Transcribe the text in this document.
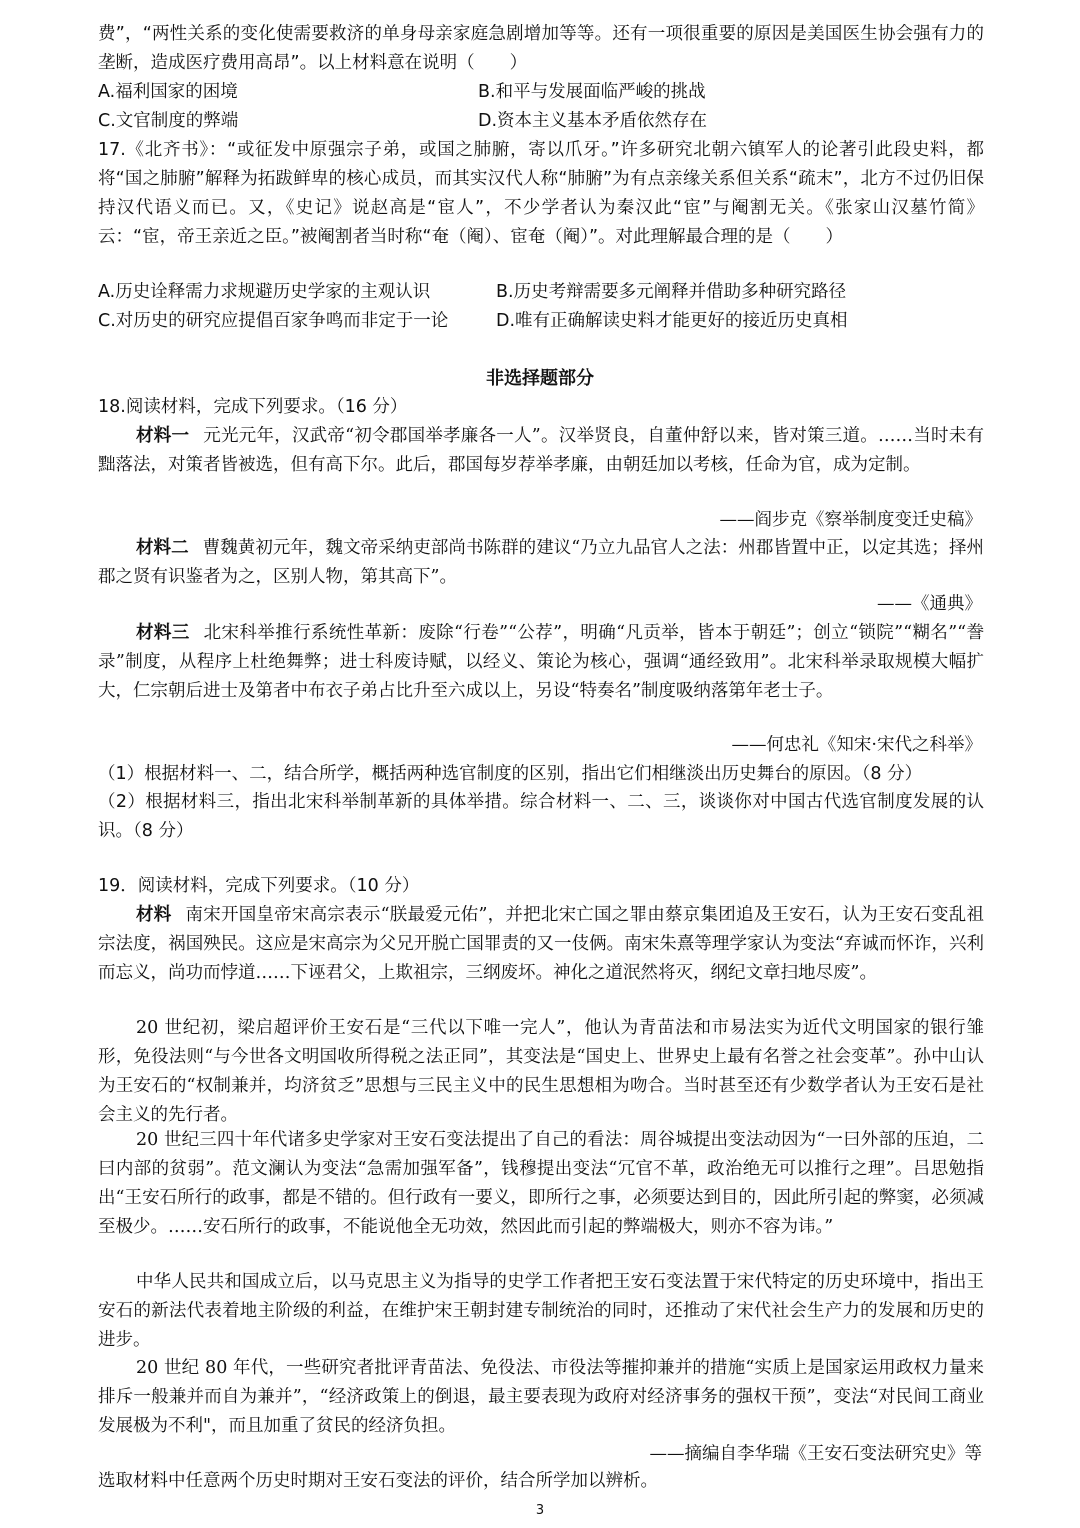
费”，“两性关系的变化使需要救济的单身母亲家庭急剧增加等等。还有一项很重要的原因是美国医生协会强有力的垄断，造成医疗费用高昂”。以上材料意在说明（　　）

A.福利国家的困境	B.和平与发展面临严峻的挑战
C.文官制度的弊端	D.资本主义基本矛盾依然存在

17.《北齐书》：“或征发中原强宗子弟，或国之肺腑，寄以爪牙。”许多研究北朝六镇军人的论著引此段史料，都将“国之肺腑”解释为拓跋鲜卑的核心成员，而其实汉代人称“肺腑”为有点亲缘关系但关系“疏末”，北方不过仍旧保持汉代语义而已。又，《史记》说赵高是“宦人”，不少学者认为秦汉此“宦”与阉割无关。《张家山汉墓竹简》云：“宦，帝王亲近之臣。”被阉割者当时称“奄（阉）、宦奄（阉）”。对此理解最合理的是（　　）

A.历史诠释需力求规避历史学家的主观认识	B.历史考辩需要多元阐释并借助多种研究路径
C.对历史的研究应提倡百家争鸣而非定于一论	D.唯有正确解读史料才能更好的接近历史真相
非选择题部分
18.阅读材料，完成下列要求。（16 分）
材料一 元光元年，汉武帝“初令郡国举孝廉各一人”。汉举贤良，自董仲舒以来，皆对策三道。……当时未有黜落法，对策者皆被选，但有高下尔。此后，郡国每岁荐举孝廉，由朝廷加以考核，任命为官，成为定制。
——阎步克《察举制度变迁史稿》
材料二 曹魏黄初元年，魏文帝采纳吏部尚书陈群的建议“乃立九品官人之法：州郡皆置中正，以定其选；择州郡之贤有识鉴者为之，区别人物，第其高下”。
——《通典》
材料三 北宋科举推行系统性革新：废除“行卷”“公荐”，明确“凡贡举，皆本于朝廷”；创立“锁院”“糊名”“誊录”制度，从程序上杜绝舞弊；进士科废诗赋，以经义、策论为核心，强调“通经致用”。北宋科举录取规模大幅扩大，仁宗朝后进士及第者中布衣子弟占比升至六成以上，另设“特奏名”制度吸纳落第年老士子。
——何忠礼《知宋·宋代之科举》
（1）根据材料一、二，结合所学，概括两种选官制度的区别，指出它们相继淡出历史舞台的原因。（8 分）
（2）根据材料三，指出北宋科举制革新的具体举措。综合材料一、二、三，谈谈你对中国古代选官制度发展的认识。（8 分）
19．阅读材料，完成下列要求。（10 分）
材料 南宋开国皇帝宋高宗表示“朕最爱元佑”，并把北宋亡国之罪由蔡京集团追及王安石，认为王安石变乱祖宗法度，祸国殃民。这应是宋高宗为父兄开脱亡国罪责的又一伎俩。南宋朱熹等理学家认为变法“弃诚而怀诈，兴利而忘义，尚功而悖道……下诬君父，上欺祖宗，三纲废坏。神化之道泯然将灭，纲纪文章扫地尽废”。
20 世纪初，梁启超评价王安石是“三代以下唯一完人”，他认为青苗法和市易法实为近代文明国家的银行雏形，免役法则“与今世各文明国收所得税之法正同”，其变法是“国史上、世界史上最有名誉之社会变革”。孙中山认为王安石的“权制兼并，均济贫乏”思想与三民主义中的民生思想相为吻合。当时甚至还有少数学者认为王安石是社会主义的先行者。
20 世纪三四十年代诸多史学家对王安石变法提出了自己的看法：周谷城提出变法动因为“一曰外部的压迫，二曰内部的贫弱”。范文澜认为变法“急需加强军备”，钱穆提出变法“冗官不革，政治绝无可以推行之理”。吕思勉指出“王安石所行的政事，都是不错的。但行政有一要义，即所行之事，必须要达到目的，因此所引起的弊窦，必须减至极少。……安石所行的政事，不能说他全无功效，然因此而引起的弊端极大，则亦不容为讳。”
中华人民共和国成立后，以马克思主义为指导的史学工作者把王安石变法置于宋代特定的历史环境中，指出王安石的新法代表着地主阶级的利益，在维护宋王朝封建专制统治的同时，还推动了宋代社会生产力的发展和历史的进步。
20 世纪 80 年代，一些研究者批评青苗法、免役法、市役法等摧抑兼并的措施“实质上是国家运用政权力量来排斥一般兼并而自为兼并”，“经济政策上的倒退，最主要表现为政府对经济事务的强权干预”，变法“对民间工商业发展极为不利"，而且加重了贫民的经济负担。
——摘编自李华瑞《王安石变法研究史》等
选取材料中任意两个历史时期对王安石变法的评价，结合所学加以辨析。
3
